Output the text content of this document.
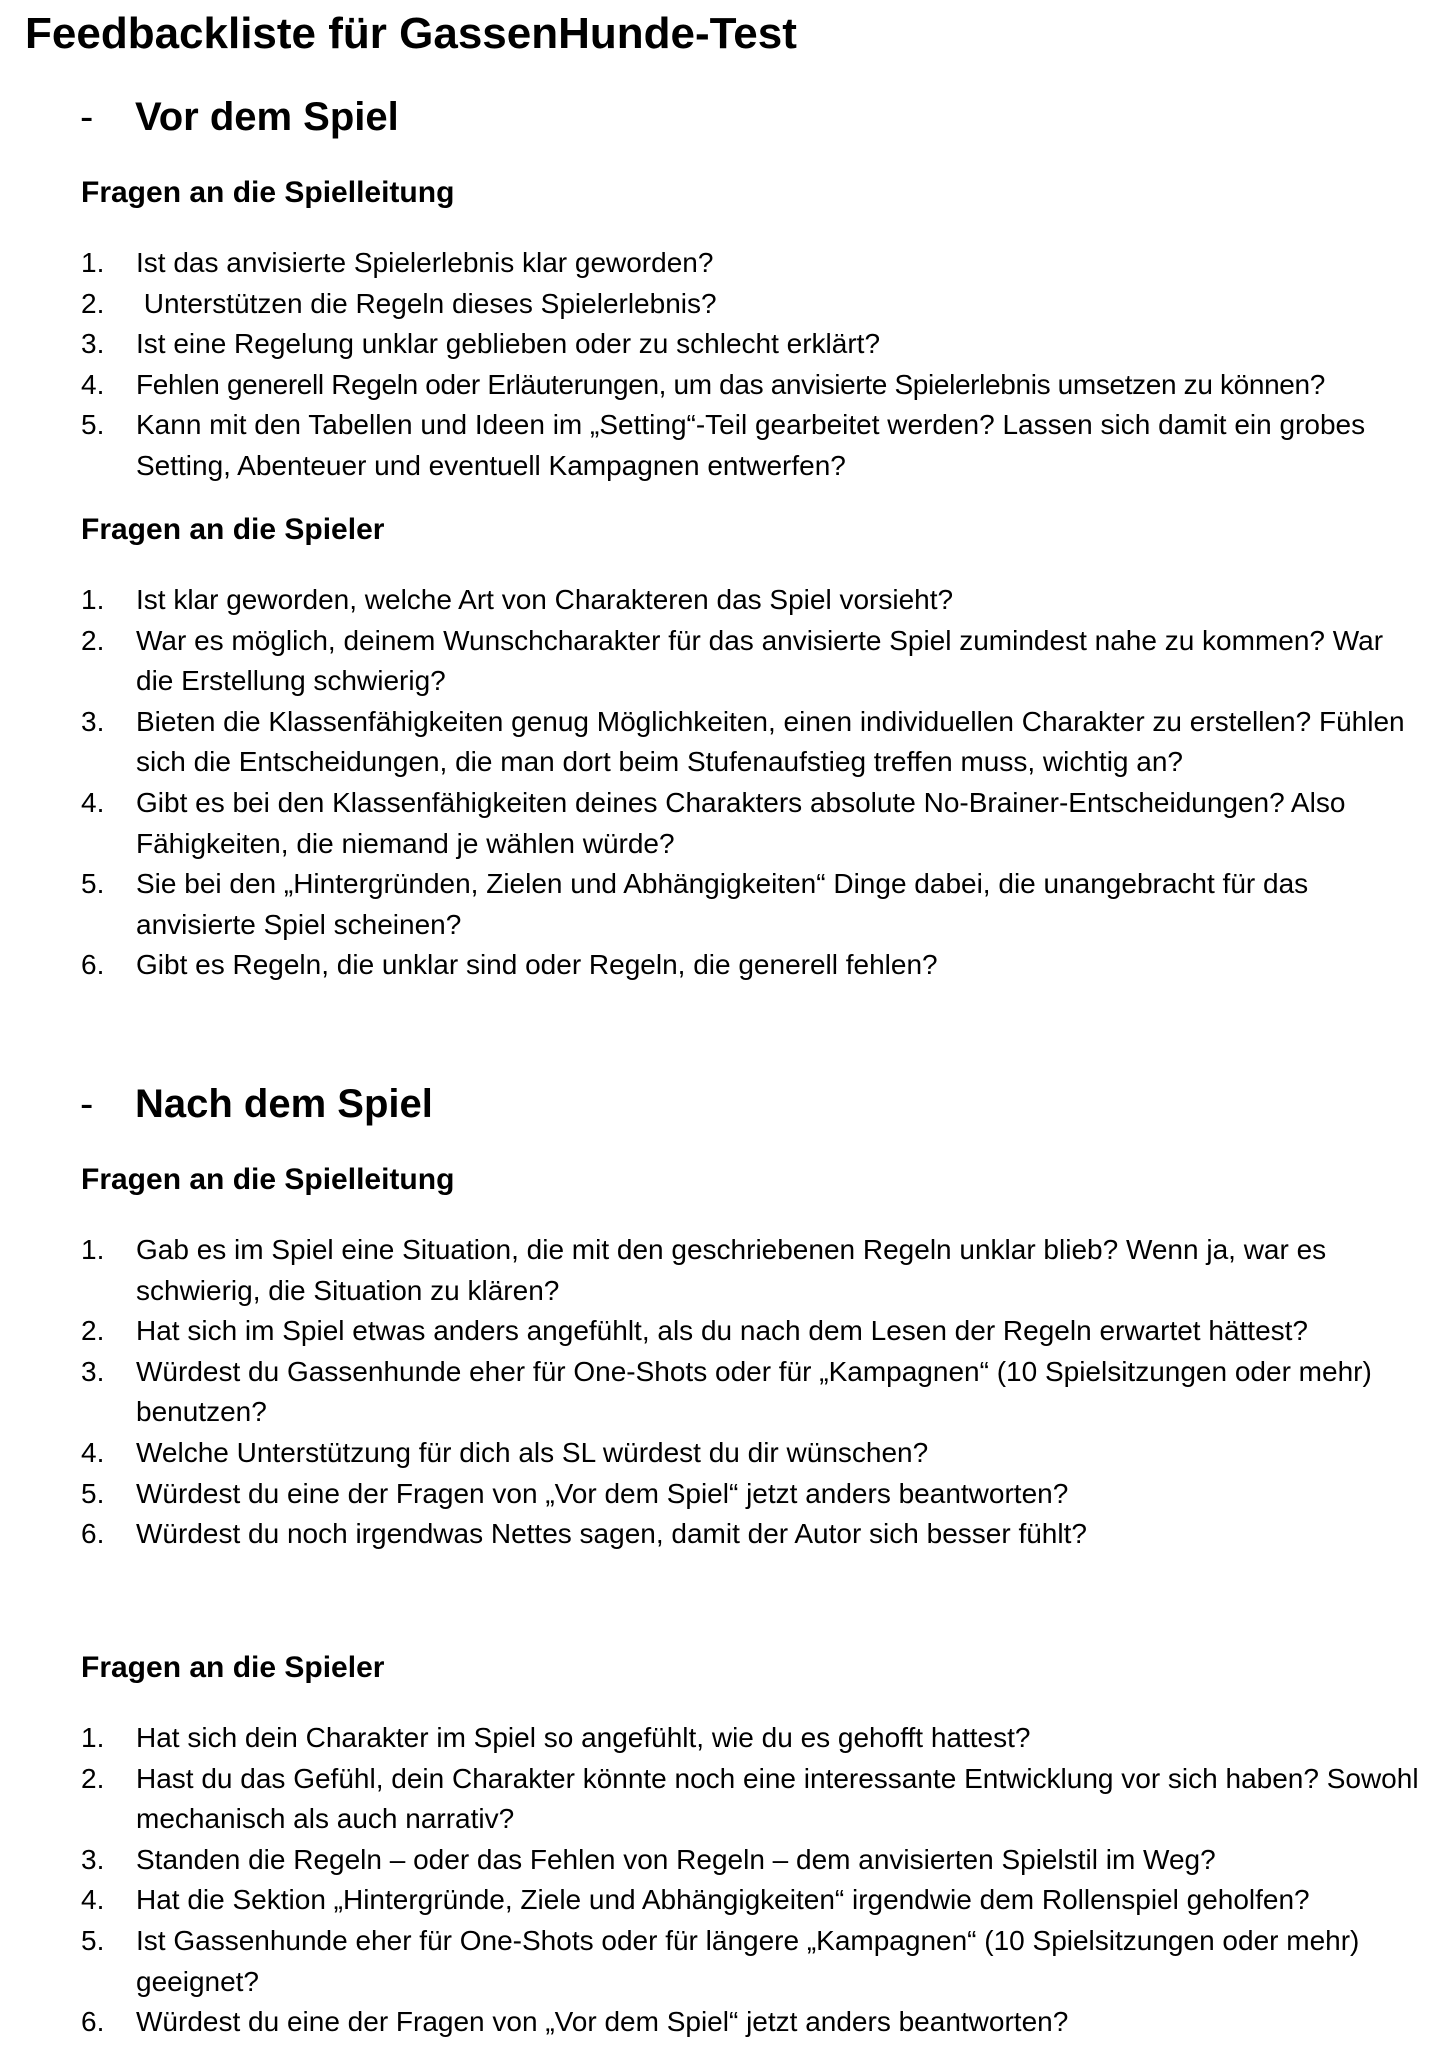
Feedbackliste für GassenHunde-Test
- Vor dem Spiel
Fragen an die Spielleitung
1. Ist das anvisierte Spielerlebnis klar geworden?
2. Unterstützen die Regeln dieses Spielerlebnis?
3. Ist eine Regelung unklar geblieben oder zu schlecht erklärt?
4. Fehlen generell Regeln oder Erläuterungen, um das anvisierte Spielerlebnis umsetzen zu können?
5. Kann mit den Tabellen und Ideen im „Setting“-Teil gearbeitet werden? Lassen sich damit ein grobes Setting, Abenteuer und eventuell Kampagnen entwerfen?
Fragen an die Spieler
1. Ist klar geworden, welche Art von Charakteren das Spiel vorsieht?
2. War es möglich, deinem Wunschcharakter für das anvisierte Spiel zumindest nahe zu kommen? War die Erstellung schwierig?
3. Bieten die Klassenfähigkeiten genug Möglichkeiten, einen individuellen Charakter zu erstellen? Fühlen sich die Entscheidungen, die man dort beim Stufenaufstieg treffen muss, wichtig an?
4. Gibt es bei den Klassenfähigkeiten deines Charakters absolute No-Brainer-Entscheidungen? Also Fähigkeiten, die niemand je wählen würde?
5. Sie bei den „Hintergründen, Zielen und Abhängigkeiten“ Dinge dabei, die unangebracht für das anvisierte Spiel scheinen?
6. Gibt es Regeln, die unklar sind oder Regeln, die generell fehlen?
- Nach dem Spiel
Fragen an die Spielleitung
1. Gab es im Spiel eine Situation, die mit den geschriebenen Regeln unklar blieb? Wenn ja, war es schwierig, die Situation zu klären?
2. Hat sich im Spiel etwas anders angefühlt, als du nach dem Lesen der Regeln erwartet hättest?
3. Würdest du Gassenhunde eher für One-Shots oder für „Kampagnen“ (10 Spielsitzungen oder mehr) benutzen?
4. Welche Unterstützung für dich als SL würdest du dir wünschen?
5. Würdest du eine der Fragen von „Vor dem Spiel“ jetzt anders beantworten?
6. Würdest du noch irgendwas Nettes sagen, damit der Autor sich besser fühlt?
Fragen an die Spieler
1. Hat sich dein Charakter im Spiel so angefühlt, wie du es gehofft hattest?
2. Hast du das Gefühl, dein Charakter könnte noch eine interessante Entwicklung vor sich haben? Sowohl mechanisch als auch narrativ?
3. Standen die Regeln – oder das Fehlen von Regeln – dem anvisierten Spielstil im Weg?
4. Hat die Sektion „Hintergründe, Ziele und Abhängigkeiten“ irgendwie dem Rollenspiel geholfen?
5. Ist Gassenhunde eher für One-Shots oder für längere „Kampagnen“ (10 Spielsitzungen oder mehr) geeignet?
6. Würdest du eine der Fragen von „Vor dem Spiel“ jetzt anders beantworten?
